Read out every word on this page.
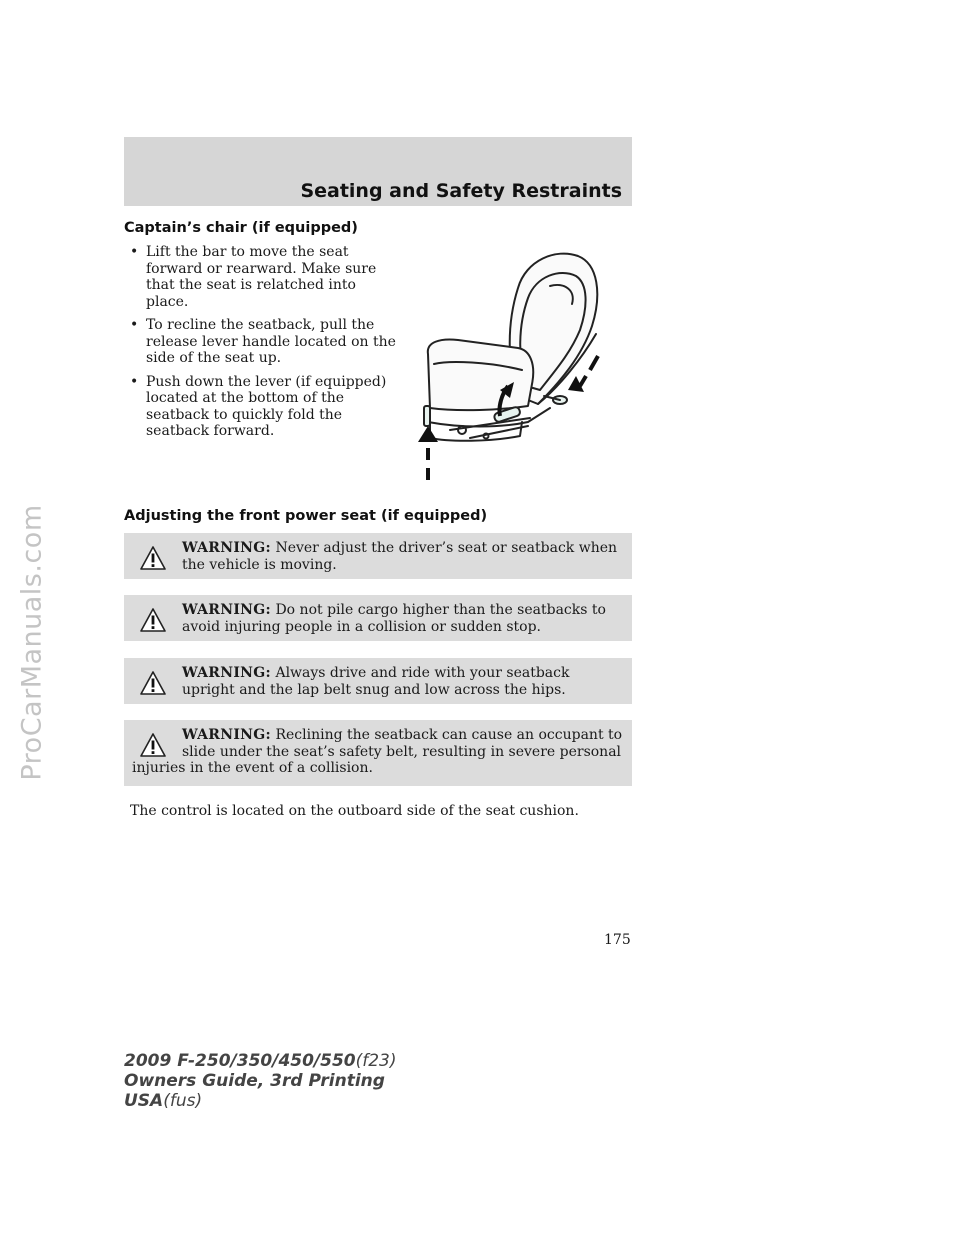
ProCarManuals.com
Seating and Safety Restraints
Captain’s chair (if equipped)
• Lift the bar to move the seat forward or rearward. Make sure that the seat is relatched into place.
• To recline the seatback, pull the release lever handle located on the side of the seat up.
• Push down the lever (if equipped) located at the bottom of the seatback to quickly fold the seatback forward.
Adjusting the front power seat (if equipped)
WARNING: Never adjust the driver’s seat or seatback when the vehicle is moving.
WARNING: Do not pile cargo higher than the seatbacks to avoid injuring people in a collision or sudden stop.
WARNING: Always drive and ride with your seatback upright and the lap belt snug and low across the hips.
WARNING: Reclining the seatback can cause an occupant to slide under the seat’s safety belt, resulting in severe personal injuries in the event of a collision.

The control is located on the outboard side of the seat cushion.

175

2009 F-250/350/450/550(f23)
Owners Guide, 3rd Printing
USA(fus)
